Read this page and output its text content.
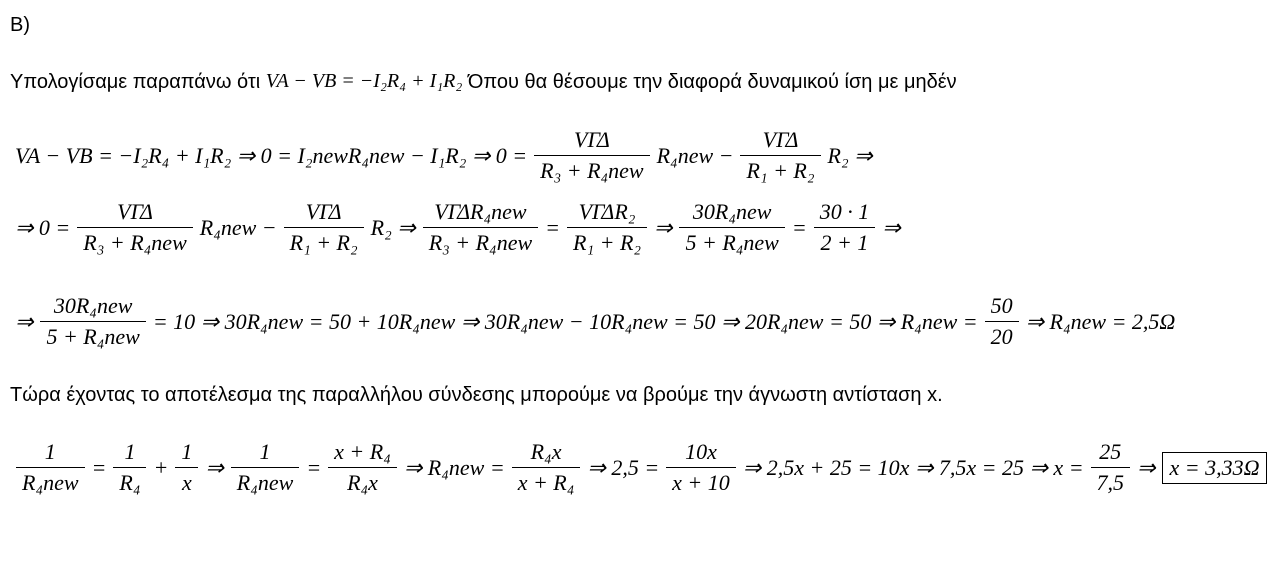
B)
Υπολογίσαμε παραπάνω ότι VA − VΒ = −I₂R₄ + I₁R₂ Όπου θα θέσουμε την διαφορά δυναμικού ίση με μηδέν
VA − VΒ = −I₂R₄ + I₁R₂ ⇒ 0 = I₂newR₄new − I₁R₂ ⇒ $0 = \frac{\text{VΓΔ}}{\text{R₃ + R₄new}} R_4new - \frac{\text{VΓΔ}}{\text{R₁ + R₂}} R_2$ ⇒
⇒ $0 = \frac{\text{VΓΔ}}{\text{R₃ + R₄new}} R_4new - \frac{\text{VΓΔ}}{\text{R₁ + R₂}} R_2$ ⇒ $\frac{\text{VΓΔR₄new}}{\text{R₃ + R₄new}} = \frac{\text{VΓΔR₂}}{\text{R₁ + R₂}}$ ⇒ $\frac{\text{30R₄new}}{\text{5 + R₄new}} = \frac{30 \cdot 1}{2 + 1}$ ⇒
⇒ $\frac{\text{30R₄new}}{\text{5 + R₄new}} = 10$ ⇒ 30R₄new = 50 + 10R₄new ⇒ 30R₄new − 10R₄new = 50 ⇒ 20R₄new = 50 ⇒ $R_4new = \frac{50}{20}$ ⇒ R₄new = 2,5Ω
Τώρα έχοντας το αποτέλεσμα της παραλλήλου σύνδεσης μπορούμε να βρούμε την άγνωστη αντίσταση x.
$\frac{1}{\text{R₄new}} = \frac{1}{\text{R₄}} + \frac{1}{x}$ ⇒ $\frac{1}{\text{R₄new}} = \frac{\text{x + R₄}}{\text{R₄x}}$ ⇒ $R_4new = \frac{\text{R₄x}}{\text{x + R₄}}$ ⇒ $2,5 = \frac{10x}{x + 10}$ ⇒ 2,5x + 25 = 10x ⇒ 7,5x = 25 ⇒ $x = \frac{25}{7,5}$ ⇒ x = 3,33Ω
